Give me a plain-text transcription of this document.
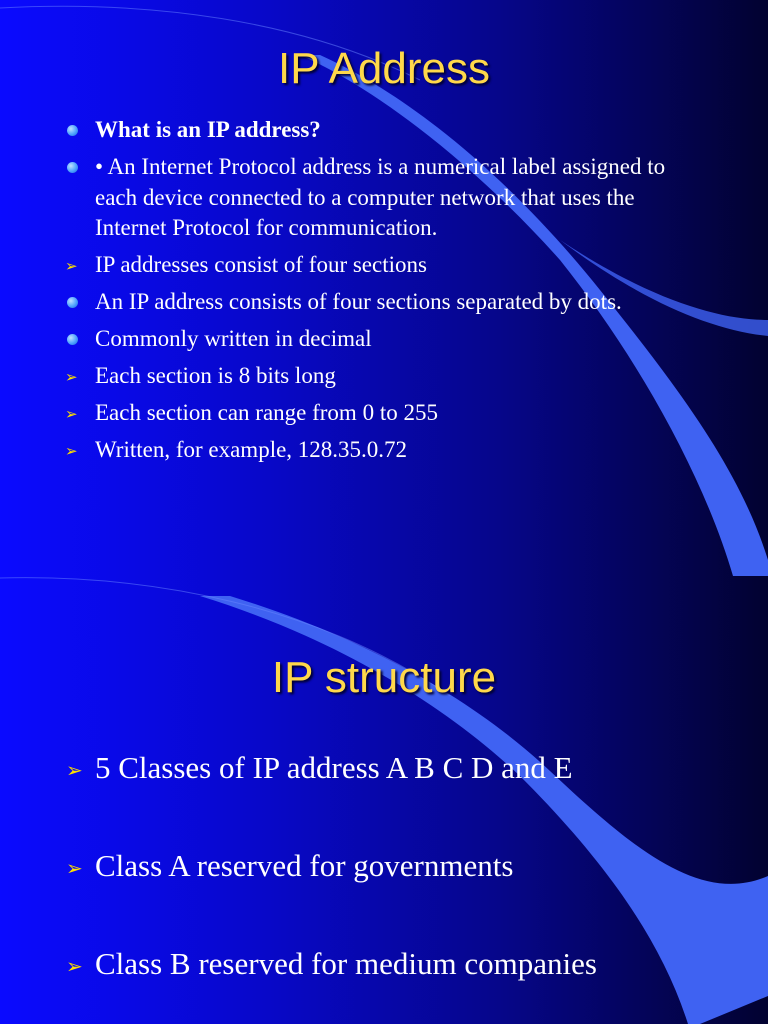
IP Address
What is an IP address?
• An Internet Protocol address is a numerical label assigned to each device connected to a computer network that uses the Internet Protocol for communication.
➢ IP addresses consist of four sections
An IP address consists of four sections separated by dots.
Commonly written in decimal
➢ Each section is 8 bits long
➢ Each section can range from 0 to 255
➢ Written, for example, 128.35.0.72
IP structure
➢ 5 Classes of IP address A B C D and E
➢ Class A reserved for governments
➢ Class B reserved for medium companies
